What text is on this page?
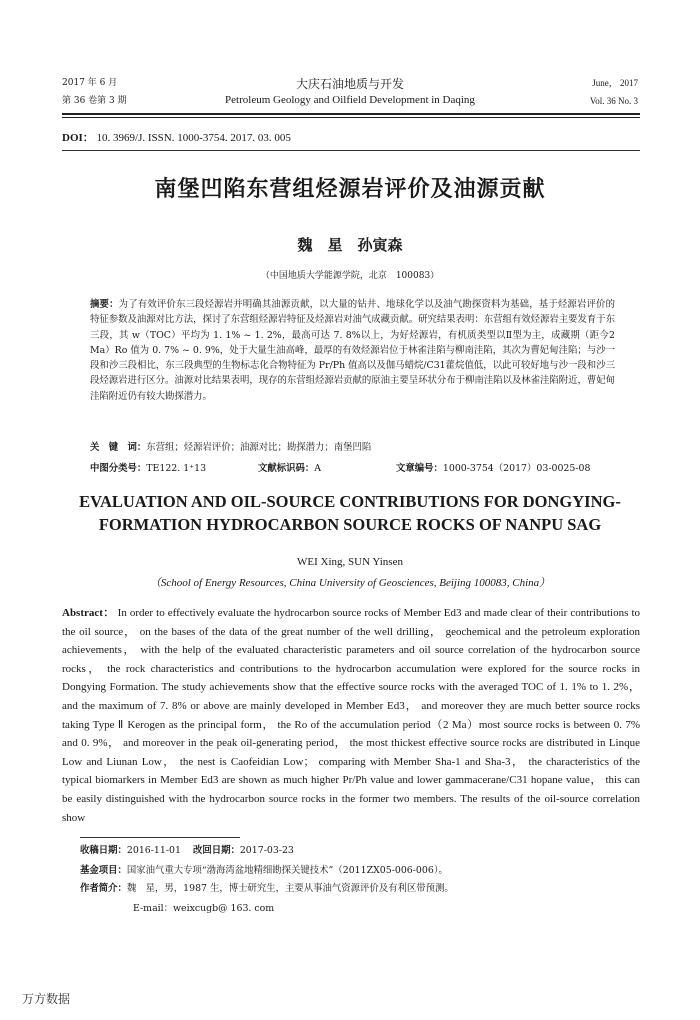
2017 年 6 月
第 36 卷第 3 期
大庆石油地质与开发
Petroleum Geology and Oilfield Development in Daqing
June， 2017
Vol. 36 No. 3
DOI： 10. 3969/J. ISSN. 1000-3754. 2017. 03. 005
南堡凹陷东营组烃源岩评价及油源贡献
魏　星　孙寅森
（中国地质大学能源学院，北京　100083）
摘要：为了有效评价东三段烃源岩并明确其油源贡献，以大量的钻井、地球化学以及油气勘探资料为基础，基于烃源岩评价的特征参数及油源对比方法，探讨了东营组烃源岩特征及烃源岩对油气成藏贡献。研究结果表明：东营组有效烃源岩主要发育于东三段，其 w（TOC）平均为 1. 1% ~ 1. 2%，最高可达 7. 8%以上，为好烃源岩，有机质类型以Ⅱ型为主，成藏期（距今2 Ma）Ro 值为 0. 7% ~ 0. 9%，处于大量生油高峰，最厚的有效烃源岩位于林雀洼陷与柳南洼陷，其次为曹妃甸洼陷；与沙一段和沙三段相比，东三段典型的生物标志化合物特征为 Pr/Ph 值高以及伽马蜡烷/C31藿烷值低，以此可较好地与沙一段和沙三段烃源岩进行区分。油源对比结果表明，现存的东营组烃源岩贡献的原油主要呈环状分布于柳南洼陷以及林雀洼陷附近，曹妃甸洼陷附近仍有较大勘探潜力。
关　键　词：东营组；烃源岩评价；油源对比；勘探潜力；南堡凹陷
中图分类号：TE122. 1⁺13	文献标识码：A	文章编号：1000-3754（2017）03-0025-08
EVALUATION AND OIL-SOURCE CONTRIBUTIONS FOR DONGYING-FORMATION HYDROCARBON SOURCE ROCKS OF NANPU SAG
WEI Xing, SUN Yinsen
（School of Energy Resources, China University of Geosciences, Beijing 100083, China）
Abstract： In order to effectively evaluate the hydrocarbon source rocks of Member Ed3 and made clear of their contributions to the oil source， on the bases of the data of the great number of the well drilling， geochemical and the petroleum exploration achievements， with the help of the evaluated characteristic parameters and oil source correlation of the hydrocarbon source rocks， the rock characteristics and contributions to the hydrocarbon accumulation were explored for the source rocks in Dongying Formation. The study achievements show that the effective source rocks with the averaged TOC of 1. 1% to 1. 2%， and the maximum of 7. 8% or above are mainly developed in Member Ed3， and moreover they are much better source rocks taking Type Ⅱ Kerogen as the principal form， the Ro of the accumulation period（2 Ma）most source rocks is between 0. 7% and 0. 9%， and moreover in the peak oil-generating period， the most thickest effective source rocks are distributed in Linque Low and Liunan Low， the nest is Caofeidian Low； comparing with Member Sha-1 and Sha-3， the characteristics of the typical biomarkers in Member Ed3 are shown as much higher Pr/Ph value and lower gammacerane/C31 hopane value， this can be easily distinguished with the hydrocarbon source rocks in the former two members. The results of the oil-source correlation show
收稿日期：2016-11-01 改回日期：2017-03-23
基金项目：国家油气重大专项“渤海湾盆地精细勘探关键技术”（2011ZX05-006-006）。
作者简介：魏　星，男，1987 生，博士研究生，主要从事油气资源评价及有利区带预测。
E-mail：weixcugb@ 163. com
万方数据
